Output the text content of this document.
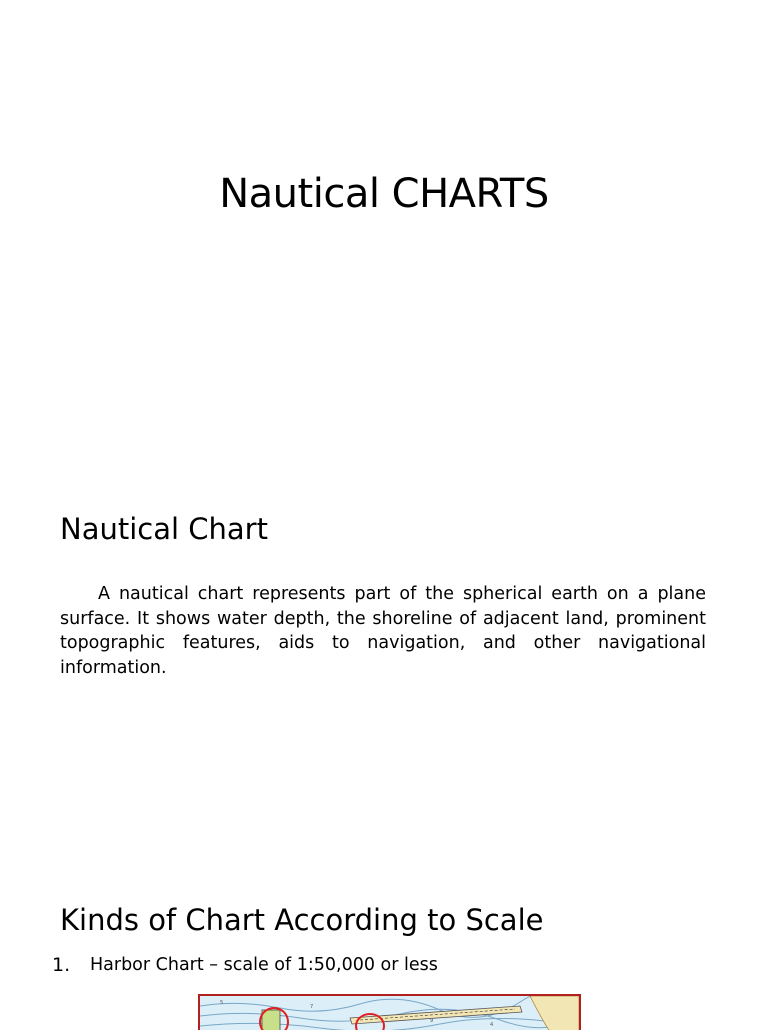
Nautical CHARTS
Nautical Chart

A nautical chart represents part of the spherical earth on a plane surface. It shows water depth, the shoreline of adjacent land, prominent topographic features, aids to navigation, and other navigational information.

Kinds of Chart According to Scale
1.	Harbor Chart – scale of 1:50,000 or less
5
7
9
4
